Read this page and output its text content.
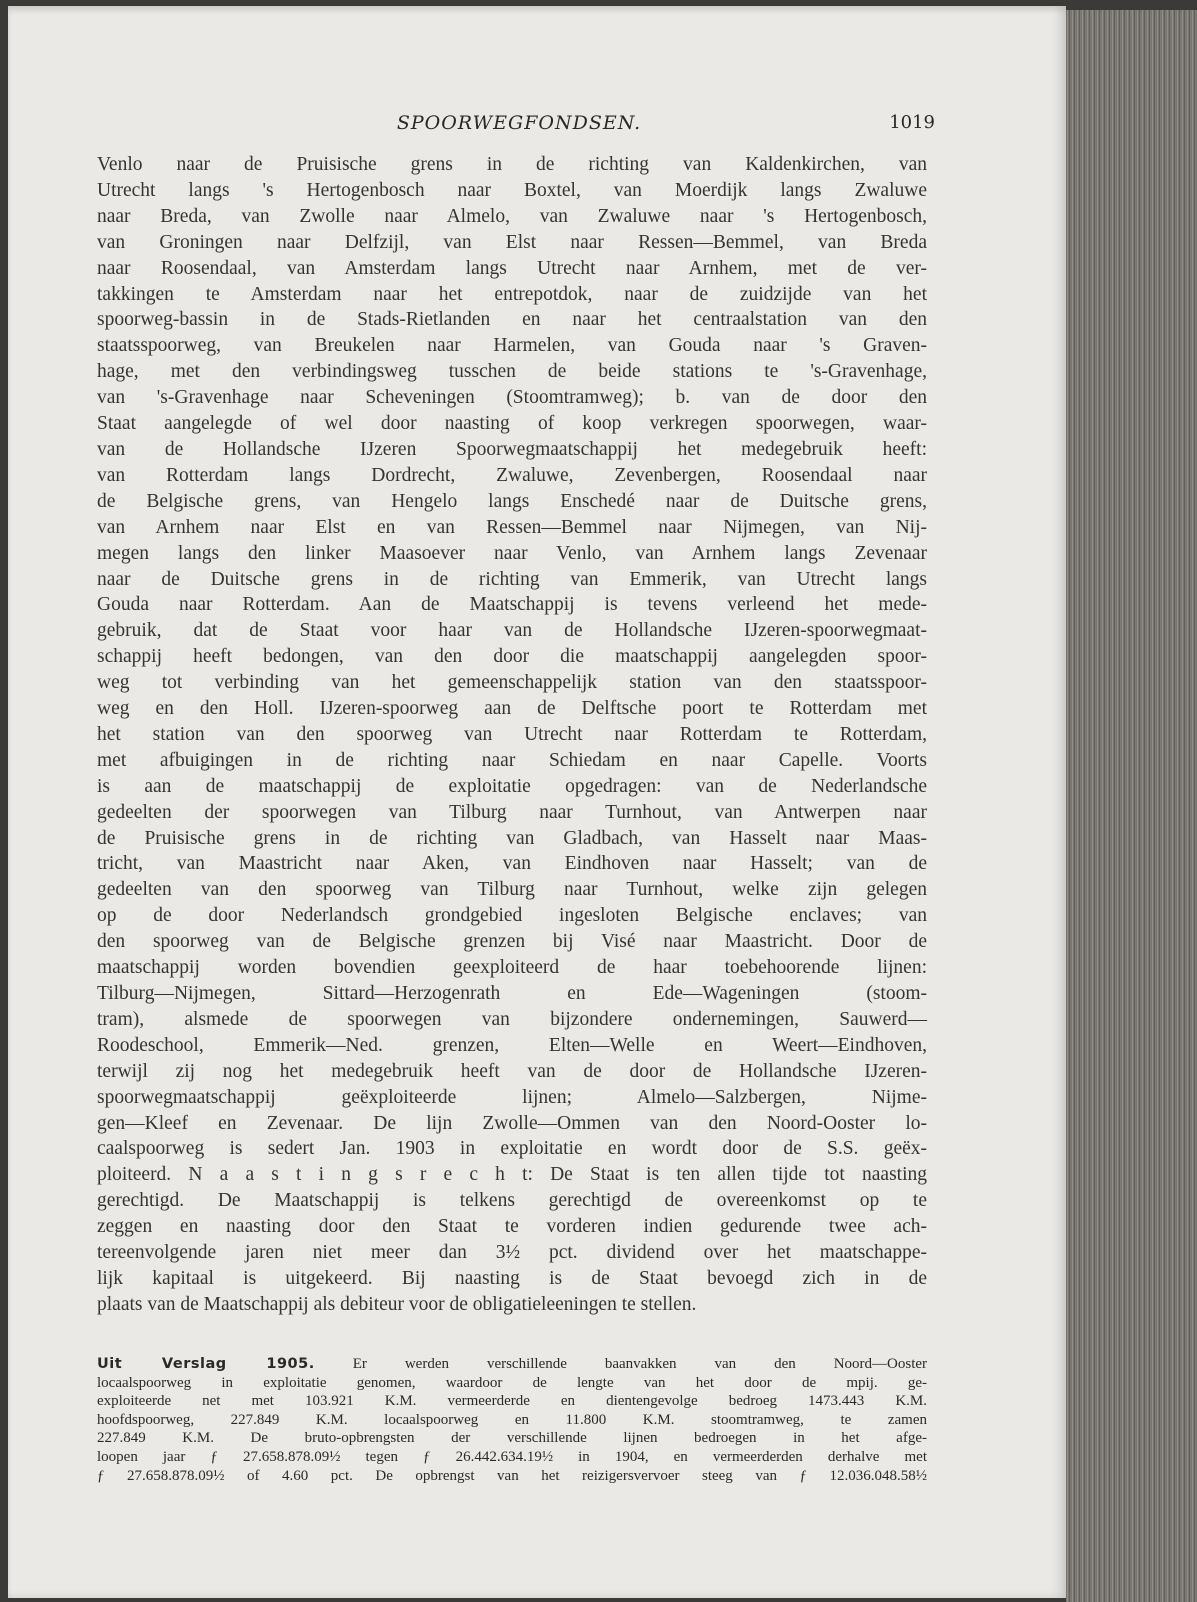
SPOORWEGFONDSEN.	1019
Venlo naar de Pruisische grens in de richting van Kaldenkirchen, van
Utrecht langs 's Hertogenbosch naar Boxtel, van Moerdijk langs Zwaluwe
naar Breda, van Zwolle naar Almelo, van Zwaluwe naar 's Hertogenbosch,
van Groningen naar Delfzijl, van Elst naar Ressen—Bemmel, van Breda
naar Roosendaal, van Amsterdam langs Utrecht naar Arnhem, met de ver-
takkingen te Amsterdam naar het entrepotdok, naar de zuidzijde van het
spoorweg-bassin in de Stads-Rietlanden en naar het centraalstation van den
staatsspoorweg, van Breukelen naar Harmelen, van Gouda naar 's Graven-
hage, met den verbindingsweg tusschen de beide stations te 's-Gravenhage,
van 's-Gravenhage naar Scheveningen (Stoomtramweg); b. van de door den
Staat aangelegde of wel door naasting of koop verkregen spoorwegen, waar-
van de Hollandsche IJzeren Spoorwegmaatschappij het medegebruik heeft:
van Rotterdam langs Dordrecht, Zwaluwe, Zevenbergen, Roosendaal naar
de Belgische grens, van Hengelo langs Enschedé naar de Duitsche grens,
van Arnhem naar Elst en van Ressen—Bemmel naar Nijmegen, van Nij-
megen langs den linker Maasoever naar Venlo, van Arnhem langs Zevenaar
naar de Duitsche grens in de richting van Emmerik, van Utrecht langs
Gouda naar Rotterdam. Aan de Maatschappij is tevens verleend het mede-
gebruik, dat de Staat voor haar van de Hollandsche IJzeren-spoorwegmaat-
schappij heeft bedongen, van den door die maatschappij aangelegden spoor-
weg tot verbinding van het gemeenschappelijk station van den staatsspoor-
weg en den Holl. IJzeren-spoorweg aan de Delftsche poort te Rotterdam met
het station van den spoorweg van Utrecht naar Rotterdam te Rotterdam,
met afbuigingen in de richting naar Schiedam en naar Capelle. Voorts
is aan de maatschappij de exploitatie opgedragen: van de Nederlandsche
gedeelten der spoorwegen van Tilburg naar Turnhout, van Antwerpen naar
de Pruisische grens in de richting van Gladbach, van Hasselt naar Maas-
tricht, van Maastricht naar Aken, van Eindhoven naar Hasselt; van de
gedeelten van den spoorweg van Tilburg naar Turnhout, welke zijn gelegen
op de door Nederlandsch grondgebied ingesloten Belgische enclaves; van
den spoorweg van de Belgische grenzen bij Visé naar Maastricht. Door de
maatschappij worden bovendien geexploiteerd de haar toebehoorende lijnen:
Tilburg—Nijmegen, Sittard—Herzogenrath en Ede—Wageningen (stoom-
tram), alsmede de spoorwegen van bijzondere ondernemingen, Sauwerd—
Roodeschool, Emmerik—Ned. grenzen, Elten—Welle en Weert—Eindhoven,
terwijl zij nog het medegebruik heeft van de door de Hollandsche IJzeren-
spoorwegmaatschappij geëxploiteerde lijnen; Almelo—Salzbergen, Nijme-
gen—Kleef en Zevenaar. De lijn Zwolle—Ommen van den Noord-Ooster lo-
caalspoorweg is sedert Jan. 1903 in exploitatie en wordt door de S.S. geëx-
ploiteerd. N a a s t i n g s r e c h t: De Staat is ten allen tijde tot naasting
gerechtigd. De Maatschappij is telkens gerechtigd de overeenkomst op te
zeggen en naasting door den Staat te vorderen indien gedurende twee ach-
tereenvolgende jaren niet meer dan 3½ pct. dividend over het maatschappe-
lijk kapitaal is uitgekeerd. Bij naasting is de Staat bevoegd zich in de
plaats van de Maatschappij als debiteur voor de obligatieleeningen te stellen.
Uit Verslag 1905.	Er werden verschillende baanvakken van den Noord—Ooster
locaalspoorweg in exploitatie genomen, waardoor de lengte van het door de mpij. ge-
exploiteerde net met 103.921 K.M. vermeerderde en dientengevolge bedroeg 1473.443 K.M.
hoofdspoorweg, 227.849 K.M. locaalspoorweg en 11.800 K.M. stoomtramweg, te zamen
227.849 K.M. De bruto-opbrengsten der verschillende lijnen bedroegen in het afge-
loopen jaar ƒ 27.658.878.09½ tegen ƒ 26.442.634.19½ in 1904, en vermeerderden derhalve met
ƒ 27.658.878.09½ of 4.60 pct. De opbrengst van het reizigersvervoer steeg van ƒ 12.036.048.58½
